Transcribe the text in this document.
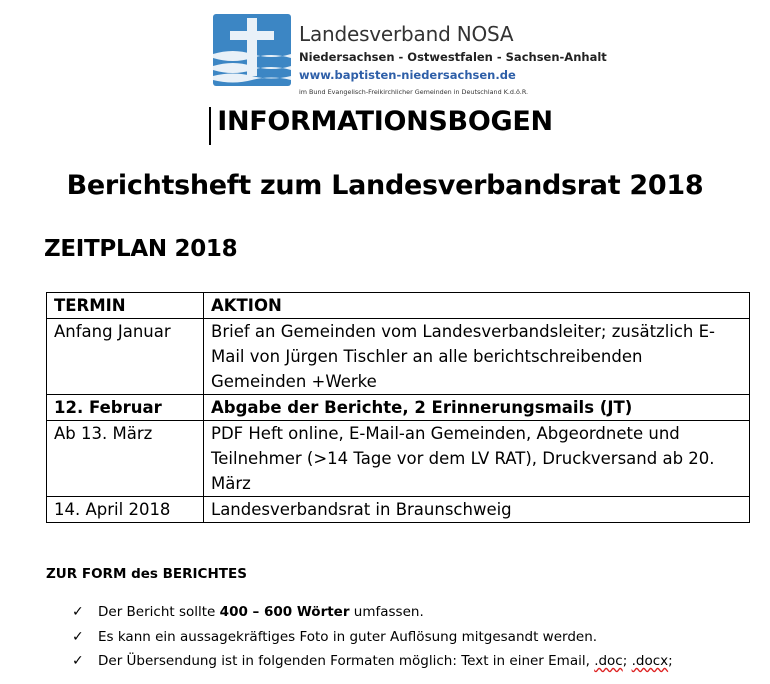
Landesverband NOSA
Niedersachsen - Ostwestfalen - Sachsen-Anhalt
www.baptisten-niedersachsen.de
im Bund Evangelisch-Freikirchlicher Gemeinden in Deutschland K.d.ö.R.
INFORMATIONSBOGEN
Berichtsheft zum Landesverbandsrat 2018
ZEITPLAN 2018
TERMIN	AKTION
Anfang Januar	Brief an Gemeinden vom Landesverbandsleiter; zusätzlich E-Mail von Jürgen Tischler an alle berichtschreibenden Gemeinden +Werke
12. Februar	Abgabe der Berichte, 2 Erinnerungsmails (JT)
Ab 13. März	PDF Heft online, E-Mail-an Gemeinden, Abgeordnete und Teilnehmer (>14 Tage vor dem LV RAT), Druckversand ab 20. März
14. April 2018	Landesverbandsrat in Braunschweig
ZUR FORM des BERICHTES
✓ Der Bericht sollte 400 – 600 Wörter umfassen.
✓ Es kann ein aussagekräftiges Foto in guter Auflösung mitgesandt werden.
✓ Der Übersendung ist in folgenden Formaten möglich: Text in einer Email, .doc; .docx;
